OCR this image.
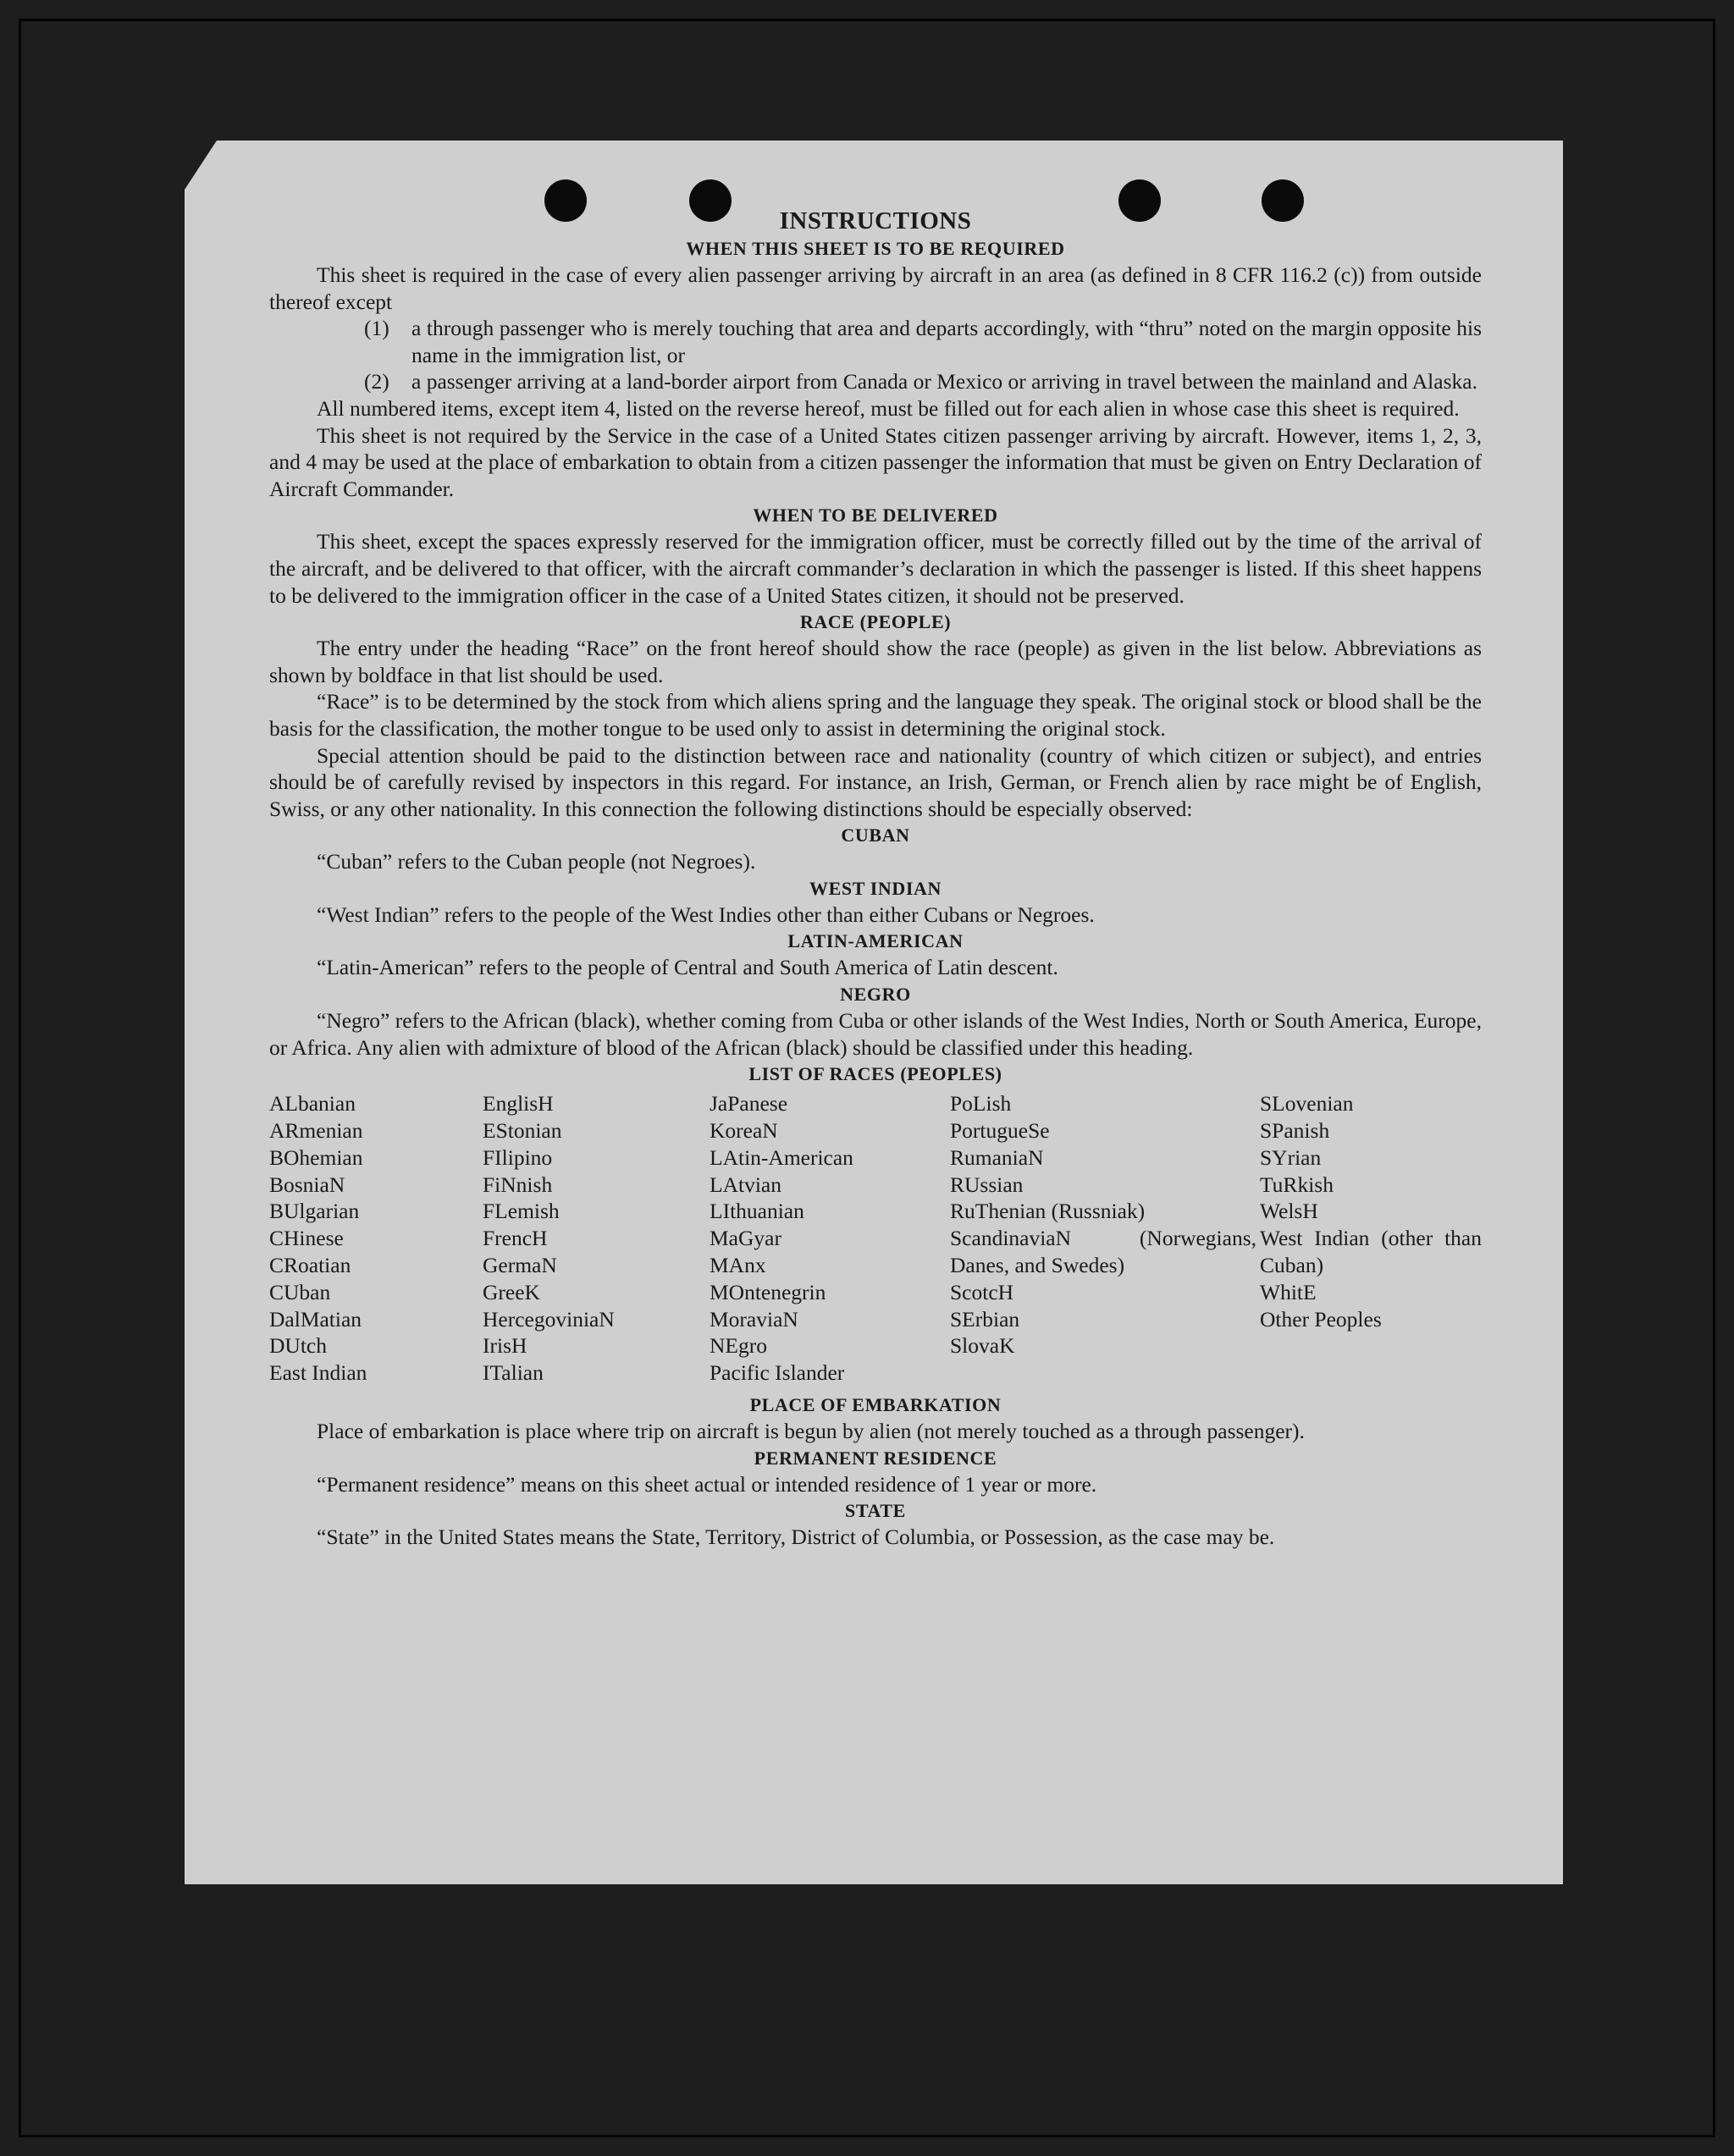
INSTRUCTIONS
WHEN THIS SHEET IS TO BE REQUIRED

This sheet is required in the case of every alien passenger arriving by aircraft in an area (as defined in 8 CFR 116.2 (c)) from outside thereof except

(1)	a through passenger who is merely touching that area and departs accordingly, with “thru” noted on the margin opposite his name in the immigration list, or
(2)	a passenger arriving at a land-border airport from Canada or Mexico or arriving in travel between the mainland and Alaska.

All numbered items, except item 4, listed on the reverse hereof, must be filled out for each alien in whose case this sheet is required.

This sheet is not required by the Service in the case of a United States citizen passenger arriving by aircraft. However, items 1, 2, 3, and 4 may be used at the place of embarkation to obtain from a citizen passenger the information that must be given on Entry Declaration of Aircraft Commander.

WHEN TO BE DELIVERED

This sheet, except the spaces expressly reserved for the immigration officer, must be correctly filled out by the time of the arrival of the aircraft, and be delivered to that officer, with the aircraft commander’s declaration in which the passenger is listed. If this sheet happens to be delivered to the immigration officer in the case of a United States citizen, it should not be preserved.

RACE (PEOPLE)

The entry under the heading “Race” on the front hereof should show the race (people) as given in the list below. Abbreviations as shown by boldface in that list should be used.

“Race” is to be determined by the stock from which aliens spring and the language they speak. The original stock or blood shall be the basis for the classification, the mother tongue to be used only to assist in determining the original stock.

Special attention should be paid to the distinction between race and nationality (country of which citizen or subject), and entries should be of carefully revised by inspectors in this regard. For instance, an Irish, German, or French alien by race might be of English, Swiss, or any other nationality. In this connection the following distinctions should be especially observed:

CUBAN

“Cuban” refers to the Cuban people (not Negroes).

WEST INDIAN

“West Indian” refers to the people of the West Indies other than either Cubans or Negroes.

LATIN-AMERICAN

“Latin-American” refers to the people of Central and South America of Latin descent.

NEGRO

“Negro” refers to the African (black), whether coming from Cuba or other islands of the West Indies, North or South America, Europe, or Africa. Any alien with admixture of blood of the African (black) should be classified under this heading.

LIST OF RACES (PEOPLES)
ALbanian
ARmenian
BOhemian
BosniaN
BUlgarian
CHinese
CRoatian
CUban
DalMatian
DUtch
East Indian
EnglisH
EStonian
FIlipino
FiNnish
FLemish
FrencH
GermaN
GreeK
HercegoviniaN
IrisH
ITalian
JaPanese
KoreaN
LAtin-American
LAtvian
LIthuanian
MaGyar
MAnx
MOntenegrin
MoraviaN
NEgro
Pacific Islander
PoLish
PortugueSe
RumaniaN
RUssian
RuThenian (Russniak)
ScandinaviaN (Norwegians, Danes, and Swedes)
ScotcH
SErbian
SlovaK
SLovenian
SPanish
SYrian
TuRkish
WelsH
West Indian (other than Cuban)
WhitE
Other Peoples
PLACE OF EMBARKATION

Place of embarkation is place where trip on aircraft is begun by alien (not merely touched as a through passenger).

PERMANENT RESIDENCE

“Permanent residence” means on this sheet actual or intended residence of 1 year or more.

STATE

“State” in the United States means the State, Territory, District of Columbia, or Possession, as the case may be.
